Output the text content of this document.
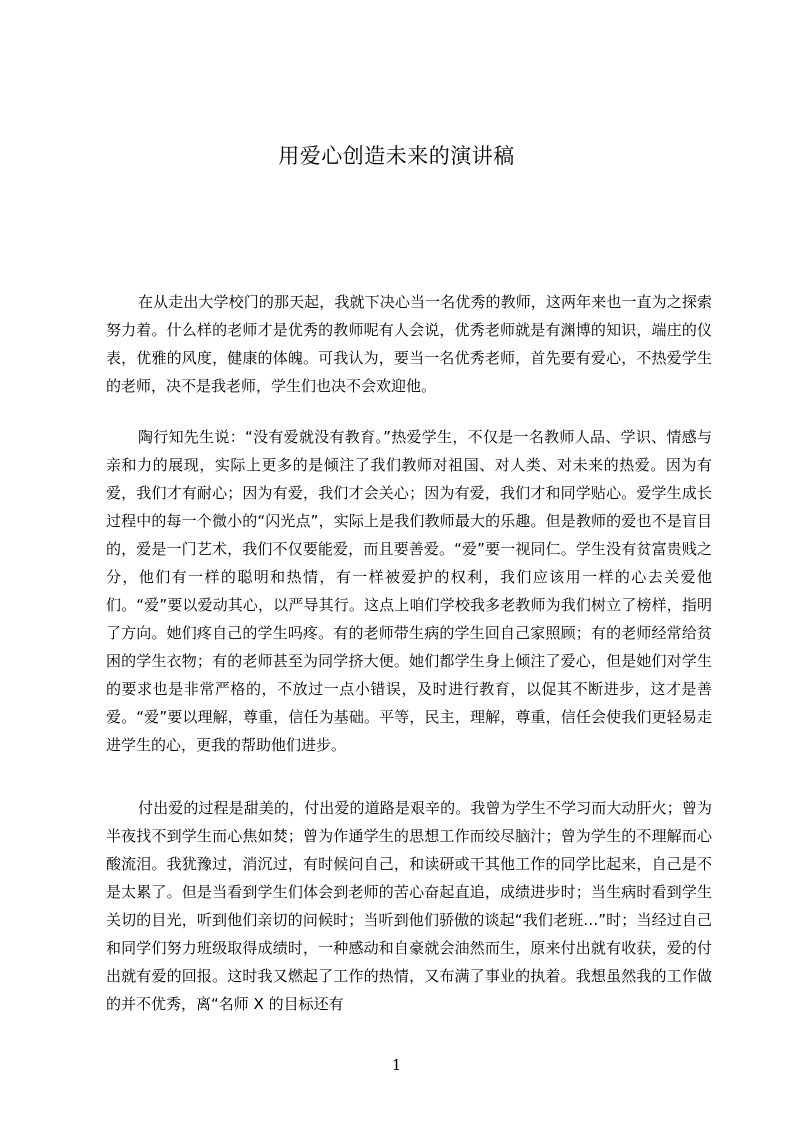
用爱心创造未来的演讲稿

在从走出大学校门的那天起，我就下决心当一名优秀的教师，这两年来也一直为之探索努力着。什么样的老师才是优秀的教师呢有人会说，优秀老师就是有渊博的知识，端庄的仪表，优雅的风度，健康的体魄。可我认为，要当一名优秀老师，首先要有爱心，不热爱学生的老师，决不是我老师，学生们也决不会欢迎他。

陶行知先生说：“没有爱就没有教育。”热爱学生，不仅是一名教师人品、学识、情感与亲和力的展现，实际上更多的是倾注了我们教师对祖国、对人类、对未来的热爱。因为有爱，我们才有耐心；因为有爱，我们才会关心；因为有爱，我们才和同学贴心。爱学生成长过程中的每一个微小的“闪光点”，实际上是我们教师最大的乐趣。但是教师的爱也不是盲目的，爱是一门艺术，我们不仅要能爱，而且要善爱。“爱”要一视同仁。学生没有贫富贵贱之分，他们有一样的聪明和热情，有一样被爱护的权利，我们应该用一样的心去关爱他们。“爱”要以爱动其心，以严导其行。这点上咱们学校我多老教师为我们树立了榜样，指明了方向。她们疼自己的学生吗疼。有的老师带生病的学生回自己家照顾；有的老师经常给贫困的学生衣物；有的老师甚至为同学挤大便。她们都学生身上倾注了爱心，但是她们对学生的要求也是非常严格的，不放过一点小错误，及时进行教育，以促其不断进步，这才是善爱。“爱”要以理解，尊重，信任为基础。平等，民主，理解，尊重，信任会使我们更轻易走进学生的心，更我的帮助他们进步。

付出爱的过程是甜美的，付出爱的道路是艰辛的。我曾为学生不学习而大动肝火；曾为半夜找不到学生而心焦如焚；曾为作通学生的思想工作而绞尽脑汁；曾为学生的不理解而心酸流泪。我犹豫过，消沉过，有时候问自己，和读研或干其他工作的同学比起来，自己是不是太累了。但是当看到学生们体会到老师的苦心奋起直追，成绩进步时；当生病时看到学生关切的目光，听到他们亲切的问候时；当听到他们骄傲的谈起“我们老班…”时；当经过自己和同学们努力班级取得成绩时，一种感动和自豪就会油然而生，原来付出就有收获，爱的付出就有爱的回报。这时我又燃起了工作的热情，又布满了事业的执着。我想虽然我的工作做的并不优秀，离“名师 X 的目标还有

1
